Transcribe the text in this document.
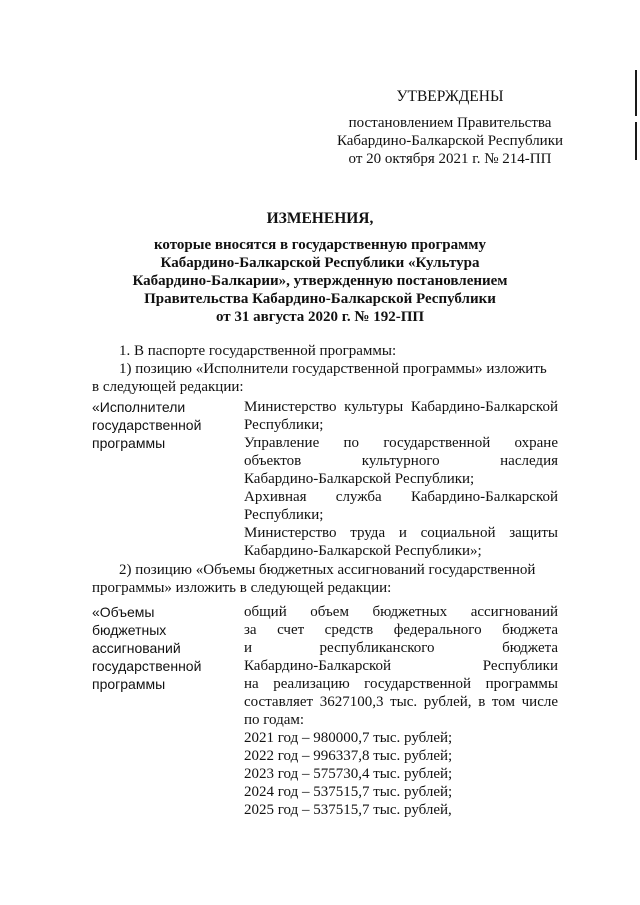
УТВЕРЖДЕНЫ
постановлением Правительства
Кабардино-Балкарской Республики
от 20 октября 2021 г. № 214-ПП
ИЗМЕНЕНИЯ,
которые вносятся в государственную программу
Кабардино-Балкарской Республики «Культура
Кабардино-Балкарии», утвержденную постановлением
Правительства Кабардино-Балкарской Республики
от 31 августа 2020 г. № 192-ПП
1. В паспорте государственной программы:
1) позицию «Исполнители государственной программы» изложить
в следующей редакции:
«Исполнители
государственной
программы
Министерство культуры Кабардино-Балкарской
Республики;
Управление по государственной охране
объектов культурного наследия
Кабардино-Балкарской Республики;
Архивная служба Кабардино-Балкарской
Республики;
Министерство труда и социальной защиты
Кабардино-Балкарской Республики»;
2) позицию «Объемы бюджетных ассигнований государственной
программы» изложить в следующей редакции:
«Объемы
бюджетных
ассигнований
государственной
программы
общий объем бюджетных ассигнований
за счет средств федерального бюджета
и республиканского бюджета
Кабардино-Балкарской Республики
на реализацию государственной программы
составляет 3627100,3 тыс. рублей, в том числе
по годам:
2021 год – 980000,7 тыс. рублей;
2022 год – 996337,8 тыс. рублей;
2023 год – 575730,4 тыс. рублей;
2024 год – 537515,7 тыс. рублей;
2025 год – 537515,7 тыс. рублей,
